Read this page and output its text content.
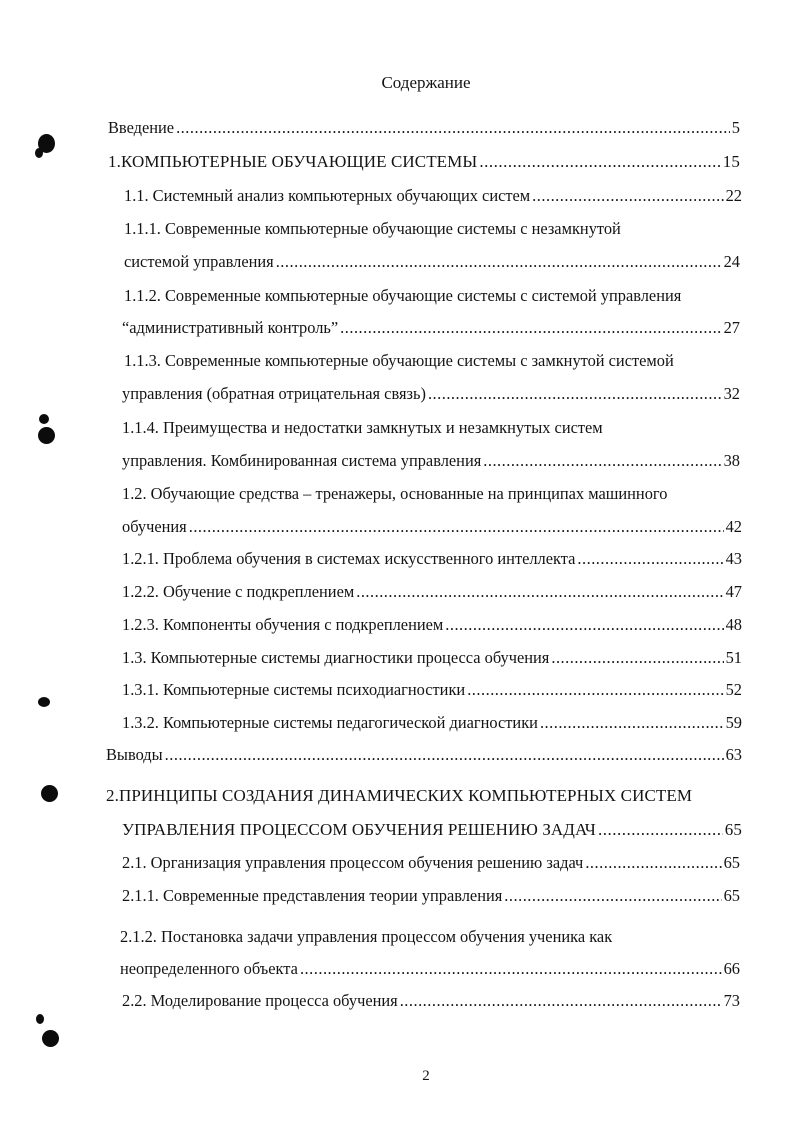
Содержание
Введение .....	5
1.КОМПЬЮТЕРНЫЕ ОБУЧАЮЩИЕ СИСТЕМЫ .....	15
1.1. Системный анализ компьютерных обучающих систем .....	22
1.1.1. Современные компьютерные обучающие системы с незамкнутой
системой управления .....	24
1.1.2. Современные компьютерные обучающие системы с системой управления
“административный контроль” .....	27
1.1.3. Современные компьютерные обучающие системы с замкнутой системой
управления (обратная отрицательная связь) .....	32
1.1.4. Преимущества и недостатки замкнутых и незамкнутых систем
управления. Комбинированная система управления .....	38
1.2. Обучающие средства – тренажеры, основанные на принципах машинного
обучения .....	42
1.2.1. Проблема обучения в системах искусственного интеллекта .....	43
1.2.2. Обучение с подкреплением .....	47
1.2.3. Компоненты обучения с подкреплением .....	48
1.3. Компьютерные системы диагностики процесса обучения .....	51
1.3.1. Компьютерные системы психодиагностики .....	52
1.3.2. Компьютерные системы педагогической диагностики .....	59
Выводы .....	63
2.ПРИНЦИПЫ СОЗДАНИЯ ДИНАМИЧЕСКИХ КОМПЬЮТЕРНЫХ СИСТЕМ
УПРАВЛЕНИЯ ПРОЦЕССОМ ОБУЧЕНИЯ РЕШЕНИЮ ЗАДАЧ .....	65
2.1. Организация управления процессом обучения решению задач .....	65
2.1.1. Современные представления теории управления .....	65
2.1.2. Постановка задачи управления процессом обучения ученика как
неопределенного объекта .....	66
2.2. Моделирование процесса обучения .....	73
2
